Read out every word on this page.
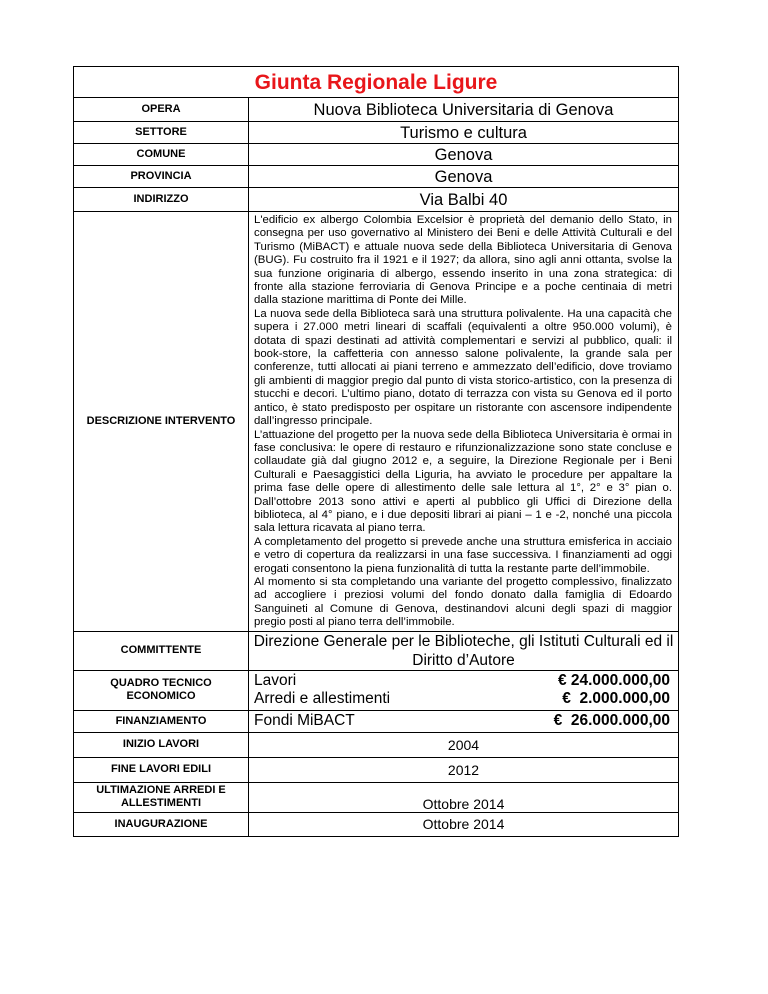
Giunta Regionale Ligure	
OPERA	Nuova Biblioteca Universitaria di Genova
SETTORE	Turismo e cultura
COMUNE	Genova
PROVINCIA	Genova
INDIRIZZO	Via Balbi 40
DESCRIZIONE INTERVENTO	L'edificio ex albergo Colombia Excelsior è proprietà del demanio dello Stato, in consegna per uso governativo al Ministero dei Beni e delle Attività Culturali e del Turismo (MiBACT) e attuale nuova sede della Biblioteca Universitaria di Genova (BUG). Fu costruito fra il 1921 e il 1927; da allora, sino agli anni ottanta, svolse la sua funzione originaria di albergo, essendo inserito in una zona strategica: di fronte alla stazione ferroviaria di Genova Principe e a poche centinaia di metri dalla stazione marittima di Ponte dei Mille.

La nuova sede della Biblioteca sarà una struttura polivalente. Ha una capacità che supera i 27.000 metri lineari di scaffali (equivalenti a oltre 950.000 volumi), è dotata di spazi destinati ad attività complementari e servizi al pubblico, quali: il book-store, la caffetteria con annesso salone polivalente, la grande sala per conferenze, tutti allocati ai piani terreno e ammezzato dell’edificio, dove troviamo gli ambienti di maggior pregio dal punto di vista storico-artistico, con la presenza di stucchi e decori. L’ultimo piano, dotato di terrazza con vista su Genova ed il porto antico, è stato predisposto per ospitare un ristorante con ascensore indipendente dall’ingresso principale.

L’attuazione del progetto per la nuova sede della Biblioteca Universitaria è ormai in fase conclusiva: le opere di restauro e rifunzionalizzazione sono state concluse e collaudate già dal giugno 2012 e, a seguire, la Direzione Regionale per i Beni Culturali e Paesaggistici della Liguria, ha avviato le procedure per appaltare la prima fase delle opere di allestimento delle sale lettura al 1°, 2° e 3° pian o. Dall’ottobre 2013 sono attivi e aperti al pubblico gli Uffici di Direzione della biblioteca, al 4° piano, e i due depositi librari ai piani – 1 e -2, nonché una piccola sala lettura ricavata al piano terra.

A completamento del progetto si prevede anche una struttura emisferica in acciaio e vetro di copertura da realizzarsi in una fase successiva. I finanziamenti ad oggi erogati consentono la piena funzionalità di tutta la restante parte dell’immobile.

Al momento si sta completando una variante del progetto complessivo, finalizzato ad accogliere i preziosi volumi del fondo donato dalla famiglia di Edoardo Sanguineti al Comune di Genova, destinandovi alcuni degli spazi di maggior pregio posti al piano terra dell’immobile.

COMMITTENTE	Direzione Generale per le Biblioteche, gli Istituti Culturali ed il Diritto d’Autore
QUADRO TECNICO ECONOMICO	Lavori € 24.000.000,00
Arredi e allestimenti €  2.000.000,00

FINANZIAMENTO	Fondi MiBACT €  26.000.000,00

INIZIO LAVORI	2004
FINE LAVORI EDILI	2012
ULTIMAZIONE ARREDI E ALLESTIMENTI	Ottobre 2014
INAUGURAZIONE	Ottobre 2014
